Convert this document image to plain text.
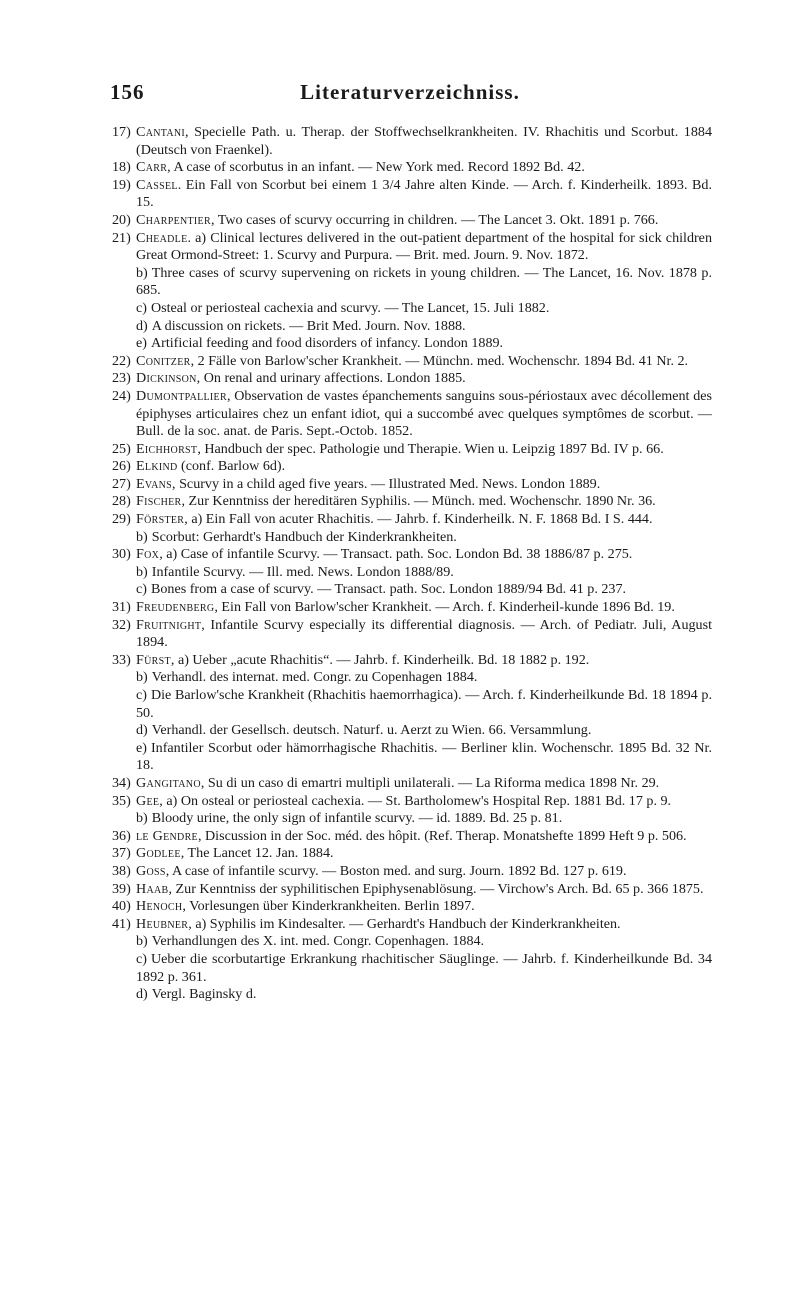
156	Literaturverzeichniss.
17) Cantani, Specielle Path. u. Therap. der Stoffwechselkrankheiten. IV. Rhachitis und Scorbut. 1884 (Deutsch von Fraenkel).
18) Carr, A case of scorbutus in an infant. — New York med. Record 1892 Bd. 42.
19) Cassel. Ein Fall von Scorbut bei einem 1 3/4 Jahre alten Kinde. — Arch. f. Kinderheilk. 1893. Bd. 15.
20) Charpentier, Two cases of scurvy occurring in children. — The Lancet 3. Okt. 1891 p. 766.
21) Cheadle. a) Clinical lectures delivered in the out-patient department of the hospital for sick children Great Ormond-Street: 1. Scurvy and Purpura. — Brit. med. Journ. 9. Nov. 1872.
b) Three cases of scurvy supervening on rickets in young children. — The Lancet, 16. Nov. 1878 p. 685.
c) Osteal or periosteal cachexia and scurvy. — The Lancet, 15. Juli 1882.
d) A discussion on rickets. — Brit Med. Journ. Nov. 1888.
e) Artificial feeding and food disorders of infancy. London 1889.
22) Conitzer, 2 Fälle von Barlow'scher Krankheit. — Münchn. med. Wochenschr. 1894 Bd. 41 Nr. 2.
23) Dickinson, On renal and urinary affections. London 1885.
24) Dumontpallier, Observation de vastes épanchements sanguins sous-périostaux avec décollement des épiphyses articulaires chez un enfant idiot, qui a succombé avec quelques symptômes de scorbut. — Bull. de la soc. anat. de Paris. Sept.-Octob. 1852.
25) Eichhorst, Handbuch der spec. Pathologie und Therapie. Wien u. Leipzig 1897 Bd. IV p. 66.
26) Elkind (conf. Barlow 6d).
27) Evans, Scurvy in a child aged five years. — Illustrated Med. News. London 1889.
28) Fischer, Zur Kenntniss der hereditären Syphilis. — Münch. med. Wochenschr. 1890 Nr. 36.
29) Förster, a) Ein Fall von acuter Rhachitis. — Jahrb. f. Kinderheilk. N. F. 1868 Bd. I S. 444.
b) Scorbut: Gerhardt's Handbuch der Kinderkrankheiten.
30) Fox, a) Case of infantile Scurvy. — Transact. path. Soc. London Bd. 38 1886/87 p. 275.
b) Infantile Scurvy. — Ill. med. News. London 1888/89.
c) Bones from a case of scurvy. — Transact. path. Soc. London 1889/94 Bd. 41 p. 237.
31) Freudenberg, Ein Fall von Barlow'scher Krankheit. — Arch. f. Kinderheil-kunde 1896 Bd. 19.
32) Fruitnight, Infantile Scurvy especially its differential diagnosis. — Arch. of Pediatr. Juli, August 1894.
33) Fürst, a) Ueber „acute Rhachitis“. — Jahrb. f. Kinderheilk. Bd. 18 1882 p. 192.
b) Verhandl. des internat. med. Congr. zu Copenhagen 1884.
c) Die Barlow'sche Krankheit (Rhachitis haemorrhagica). — Arch. f. Kinderheilkunde Bd. 18 1894 p. 50.
d) Verhandl. der Gesellsch. deutsch. Naturf. u. Aerzt zu Wien. 66. Versammlung.
e) Infantiler Scorbut oder hämorrhagische Rhachitis. — Berliner klin. Wochenschr. 1895 Bd. 32 Nr. 18.
34) Gangitano, Su di un caso di emartri multipli unilaterali. — La Riforma medica 1898 Nr. 29.
35) Gee, a) On osteal or periosteal cachexia. — St. Bartholomew's Hospital Rep. 1881 Bd. 17 p. 9.
b) Bloody urine, the only sign of infantile scurvy. — id. 1889. Bd. 25 p. 81.
36) le Gendre, Discussion in der Soc. méd. des hôpit. (Ref. Therap. Monatshefte 1899 Heft 9 p. 506.
37) Godlee, The Lancet 12. Jan. 1884.
38) Goss, A case of infantile scurvy. — Boston med. and surg. Journ. 1892 Bd. 127 p. 619.
39) Haab, Zur Kenntniss der syphilitischen Epiphysenablösung. — Virchow's Arch. Bd. 65 p. 366 1875.
40) Henoch, Vorlesungen über Kinderkrankheiten. Berlin 1897.
41) Heubner, a) Syphilis im Kindesalter. — Gerhardt's Handbuch der Kinderkrankheiten.
b) Verhandlungen des X. int. med. Congr. Copenhagen. 1884.
c) Ueber die scorbutartige Erkrankung rhachitischer Säuglinge. — Jahrb. f. Kinderheilkunde Bd. 34 1892 p. 361.
d) Vergl. Baginsky d.
